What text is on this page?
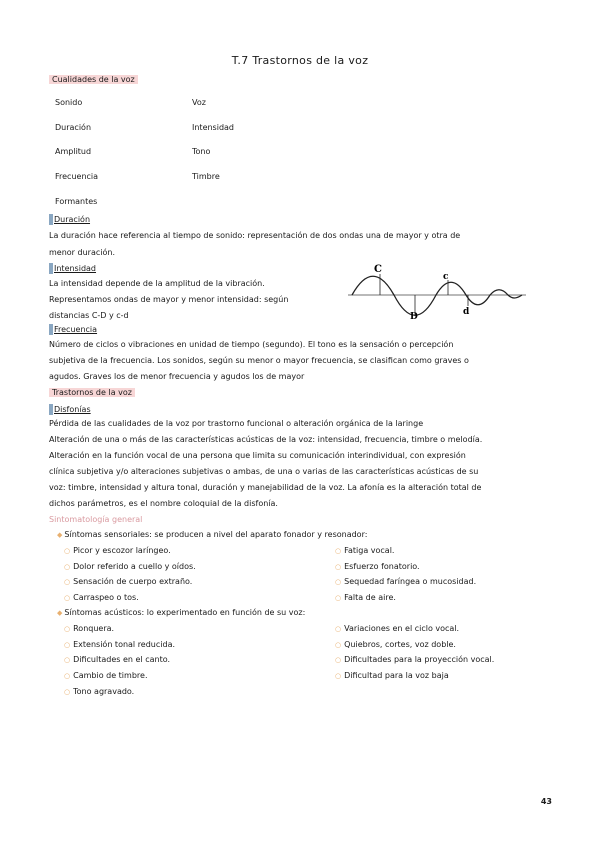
T.7 Trastornos de la voz
Cualidades de la voz
Sonido
Duración
Amplitud
Frecuencia
Formantes
Voz
Intensidad
Tono
Timbre
Duración
La duración hace referencia al tiempo de sonido: representación de dos ondas una de mayor y otra de
menor duración.
Intensidad
La intensidad depende de la amplitud de la vibración.
Representamos ondas de mayor y menor intensidad: según
distancias C-D y c-d
C
D
c
d
Frecuencia
Número de ciclos o vibraciones en unidad de tiempo (segundo). El tono es la sensación o percepción
subjetiva de la frecuencia. Los sonidos, según su menor o mayor frecuencia, se clasifican como graves o
agudos. Graves los de menor frecuencia y agudos los de mayor
Trastornos de la voz
Disfonías
Pérdida de las cualidades de la voz por trastorno funcional o alteración orgánica de la laringe
Alteración de una o más de las características acústicas de la voz: intensidad, frecuencia, timbre o melodía.
Alteración en la función vocal de una persona que limita su comunicación interindividual, con expresión
clínica subjetiva y/o alteraciones subjetivas o ambas, de una o varias de las características acústicas de su
voz: timbre, intensidad y altura tonal, duración y manejabilidad de la voz. La afonía es la alteración total de
dichos parámetros, es el nombre coloquial de la disfonía.
Sintomatología general
◆ Síntomas sensoriales: se producen a nivel del aparato fonador y resonador:
○ Picor y escozor laríngeo.
○ Dolor referido a cuello y oídos.
○ Sensación de cuerpo extraño.
○ Carraspeo o tos.
○ Fatiga vocal.
○ Esfuerzo fonatorio.
○ Sequedad faríngea o mucosidad.
○ Falta de aire.
◆ Síntomas acústicos: lo experimentado en función de su voz:
○ Ronquera.
○ Extensión tonal reducida.
○ Dificultades en el canto.
○ Cambio de timbre.
○ Tono agravado.
○ Variaciones en el ciclo vocal.
○ Quiebros, cortes, voz doble.
○ Dificultades para la proyección vocal.
○ Dificultad para la voz baja
43
